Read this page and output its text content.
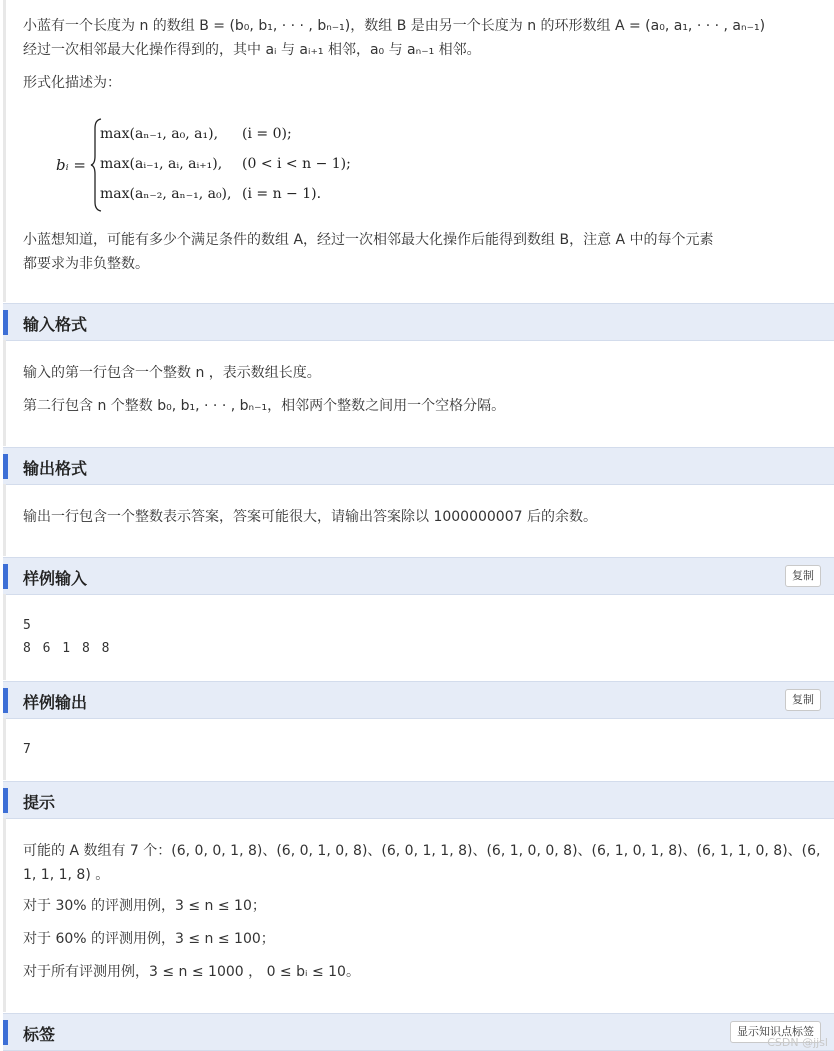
小蓝有一个长度为 n 的数组 B = (b₀, b₁, · · · , bₙ₋₁)，数组 B 是由另一个长度为 n 的环形数组 A = (a₀, a₁, · · · , aₙ₋₁)
经过一次相邻最大化操作得到的，其中 aᵢ 与 aᵢ₊₁ 相邻，a₀ 与 aₙ₋₁ 相邻。
形式化描述为：
bᵢ =
max(aₙ₋₁, a₀, a₁), (i = 0);
max(aᵢ₋₁, aᵢ, aᵢ₊₁), (0 < i < n − 1);
max(aₙ₋₂, aₙ₋₁, a₀), (i = n − 1).
小蓝想知道，可能有多少个满足条件的数组 A，经过一次相邻最大化操作后能得到数组 B，注意 A 中的每个元素
都要求为非负整数。
输入格式
输入的第一行包含一个整数 n ，表示数组长度。
第二行包含 n 个整数 b₀, b₁, · · · , bₙ₋₁，相邻两个整数之间用一个空格分隔。
输出格式
输出一行包含一个整数表示答案，答案可能很大，请输出答案除以 1000000007 后的余数。
样例输入	复制
5
8 6 1 8 8
样例输出	复制
7
提示
可能的 A 数组有 7 个：(6, 0, 0, 1, 8)、(6, 0, 1, 0, 8)、(6, 0, 1, 1, 8)、(6, 1, 0, 0, 8)、(6, 1, 0, 1, 8)、(6, 1, 1, 0, 8)、(6,
1, 1, 1, 8) 。
对于 30% 的评测用例，3 ≤ n ≤ 10；
对于 60% 的评测用例，3 ≤ n ≤ 100；
对于所有评测用例，3 ≤ n ≤ 1000 ， 0 ≤ bᵢ ≤ 10。
标签	显示知识点标签
CSDN @jjsl
